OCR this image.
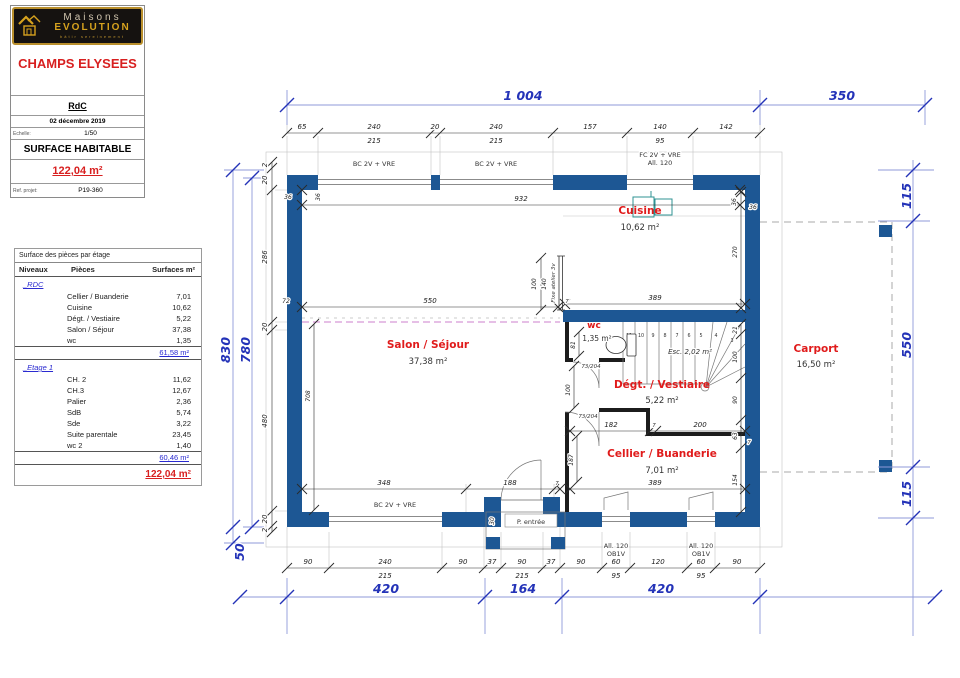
Maisons
EVOLUTION
bâtir sereinement
CHAMPS ELYSEES
RdC
02 décembre 2019
Echelle:	1/50
SURFACE HABITABLE
122,04 m²
Ref. projet:	P19-360
Surface des pièces par étage
Niveaux	Pièces	Surfaces m²
_RDC
Cellier / Buanderie	7,01
Cuisine	10,62
Dégt. / Vestiaire	5,22
Salon / Séjour	37,38
wc	1,35
61,58 m²
_Etage 1
CH. 2	11,62
CH.3	12,67
Palier	2,36
SdB	5,74
Sde	3,22
Suite parentale	23,45
wc 2	1,40
60,46 m²
122,04 m²
P. entrée
30
10 9 8 7 6 5 4
3
Esc. 2,02 m²
1 004	350
830 780
50
115
550
115
420	164	420
65	240	20	240	157	140	142
215	215	95
90	240	90	37	90	37	90	60	120	60	90
215	215	95	95
2
20
286
20
480
20
2
932
550	389
270
36	36
36
36
72
100 140
7
Fixe atelier 3v
81
73/204
100
73/204
182	7	200
21
100
90
63
154
187
389
348	188	7
7
708
BC 2V + VRE	BC 2V + VRE
FC 2V + VRE
All. 120
BC 2V + VRE
All. 120
OB1V
All. 120
OB1V
Salon / Séjour
37,38 m²
Cuisine
10,62 m²
wc
1,35 m²
Dégt. / Vestiaire
5,22 m²
Cellier / Buanderie
7,01 m²
Carport
16,50 m²
